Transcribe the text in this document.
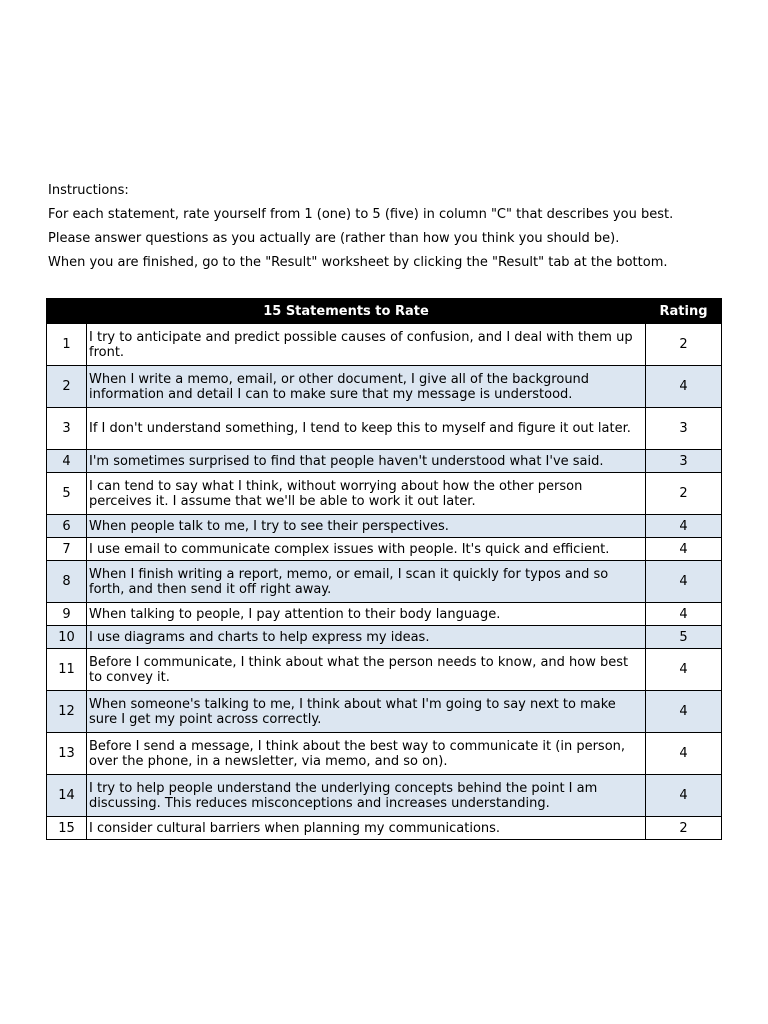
Instructions:
For each statement, rate yourself from 1 (one) to 5 (five) in column "C" that describes you best.
Please answer questions as you actually are (rather than how you think you should be).
When you are finished, go to the "Result" worksheet by clicking the "Result" tab at the bottom.
15 Statements to Rate		Rating
1	I try to anticipate and predict possible causes of confusion, and I deal with them up front.	2
2	When I write a memo, email, or other document, I give all of the background information and detail I can to make sure that my message is understood.	4
3	If I don't understand something, I tend to keep this to myself and figure it out later.	3
4	I'm sometimes surprised to find that people haven't understood what I've said.	3
5	I can tend to say what I think, without worrying about how the other person perceives it. I assume that we'll be able to work it out later.	2
6	When people talk to me, I try to see their perspectives.	4
7	I use email to communicate complex issues with people. It's quick and efficient.	4
8	When I finish writing a report, memo, or email, I scan it quickly for typos and so forth, and then send it off right away.	4
9	When talking to people, I pay attention to their body language.	4
10	I use diagrams and charts to help express my ideas.	5
11	Before I communicate, I think about what the person needs to know, and how best to convey it.	4
12	When someone's talking to me, I think about what I'm going to say next to make sure I get my point across correctly.	4
13	Before I send a message, I think about the best way to communicate it (in person, over the phone, in a newsletter, via memo, and so on).	4
14	I try to help people understand the underlying concepts behind the point I am discussing. This reduces misconceptions and increases understanding.	4
15	I consider cultural barriers when planning my communications.	2
